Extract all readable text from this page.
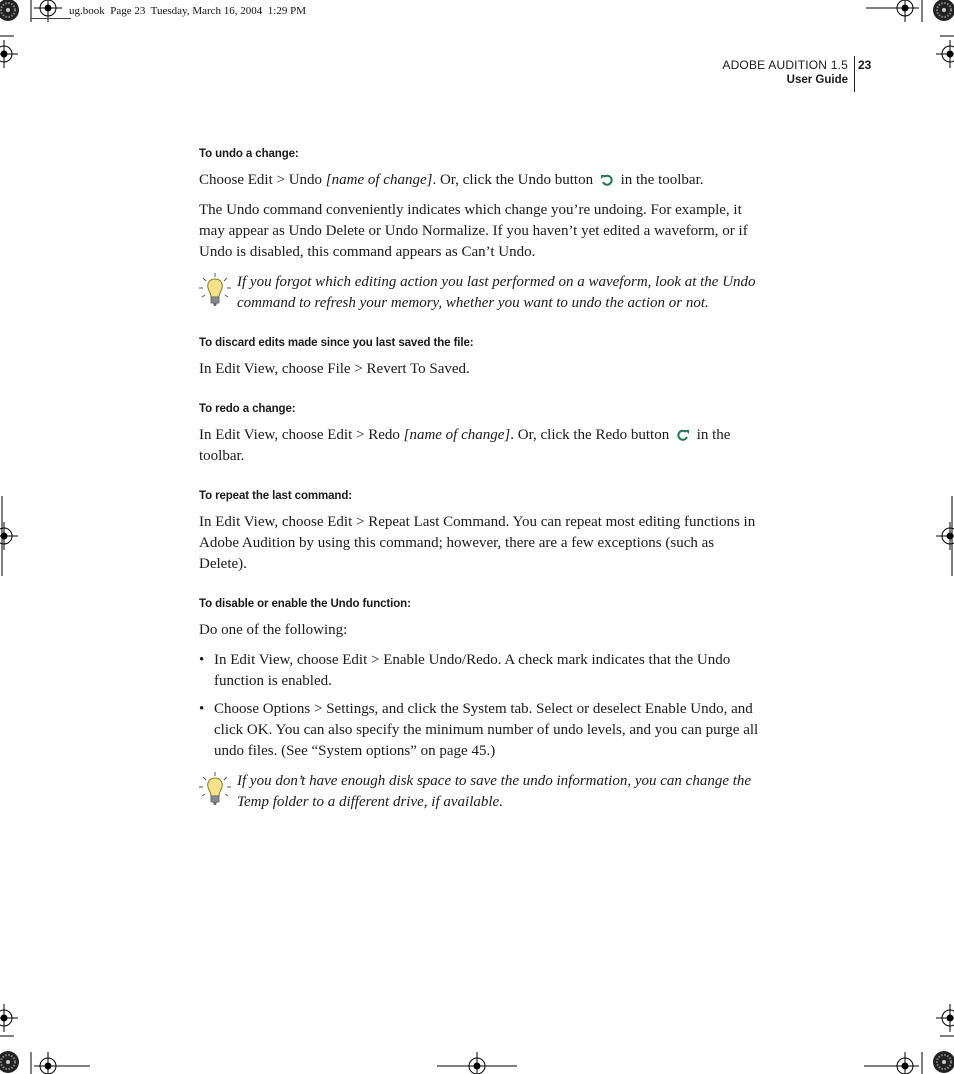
ug.book  Page 23  Tuesday, March 16, 2004  1:29 PM
ADOBE AUDITION 1.5
User Guide
23
To undo a change:

Choose Edit > Undo [name of change]. Or, click the Undo button  in the toolbar.

The Undo command conveniently indicates which change you’re undoing. For example, it may appear as Undo Delete or Undo Normalize. If you haven’t yet edited a waveform, or if Undo is disabled, this command appears as Can’t Undo.

If you forgot which editing action you last performed on a waveform, look at the Undo command to refresh your memory, whether you want to undo the action or not.

To discard edits made since you last saved the file:

In Edit View, choose File > Revert To Saved.

To redo a change:

In Edit View, choose Edit > Redo [name of change]. Or, click the Redo button  in the toolbar.

To repeat the last command:

In Edit View, choose Edit > Repeat Last Command. You can repeat most editing functions in Adobe Audition by using this command; however, there are a few exceptions (such as Delete).

To disable or enable the Undo function:

Do one of the following:

• In Edit View, choose Edit > Enable Undo/Redo. A check mark indicates that the Undo function is enabled.
• Choose Options > Settings, and click the System tab. Select or deselect Enable Undo, and click OK. You can also specify the minimum number of undo levels, and you can purge all undo files. (See “System options” on page 45.)

If you don’t have enough disk space to save the undo information, you can change the Temp folder to a different drive, if available.
